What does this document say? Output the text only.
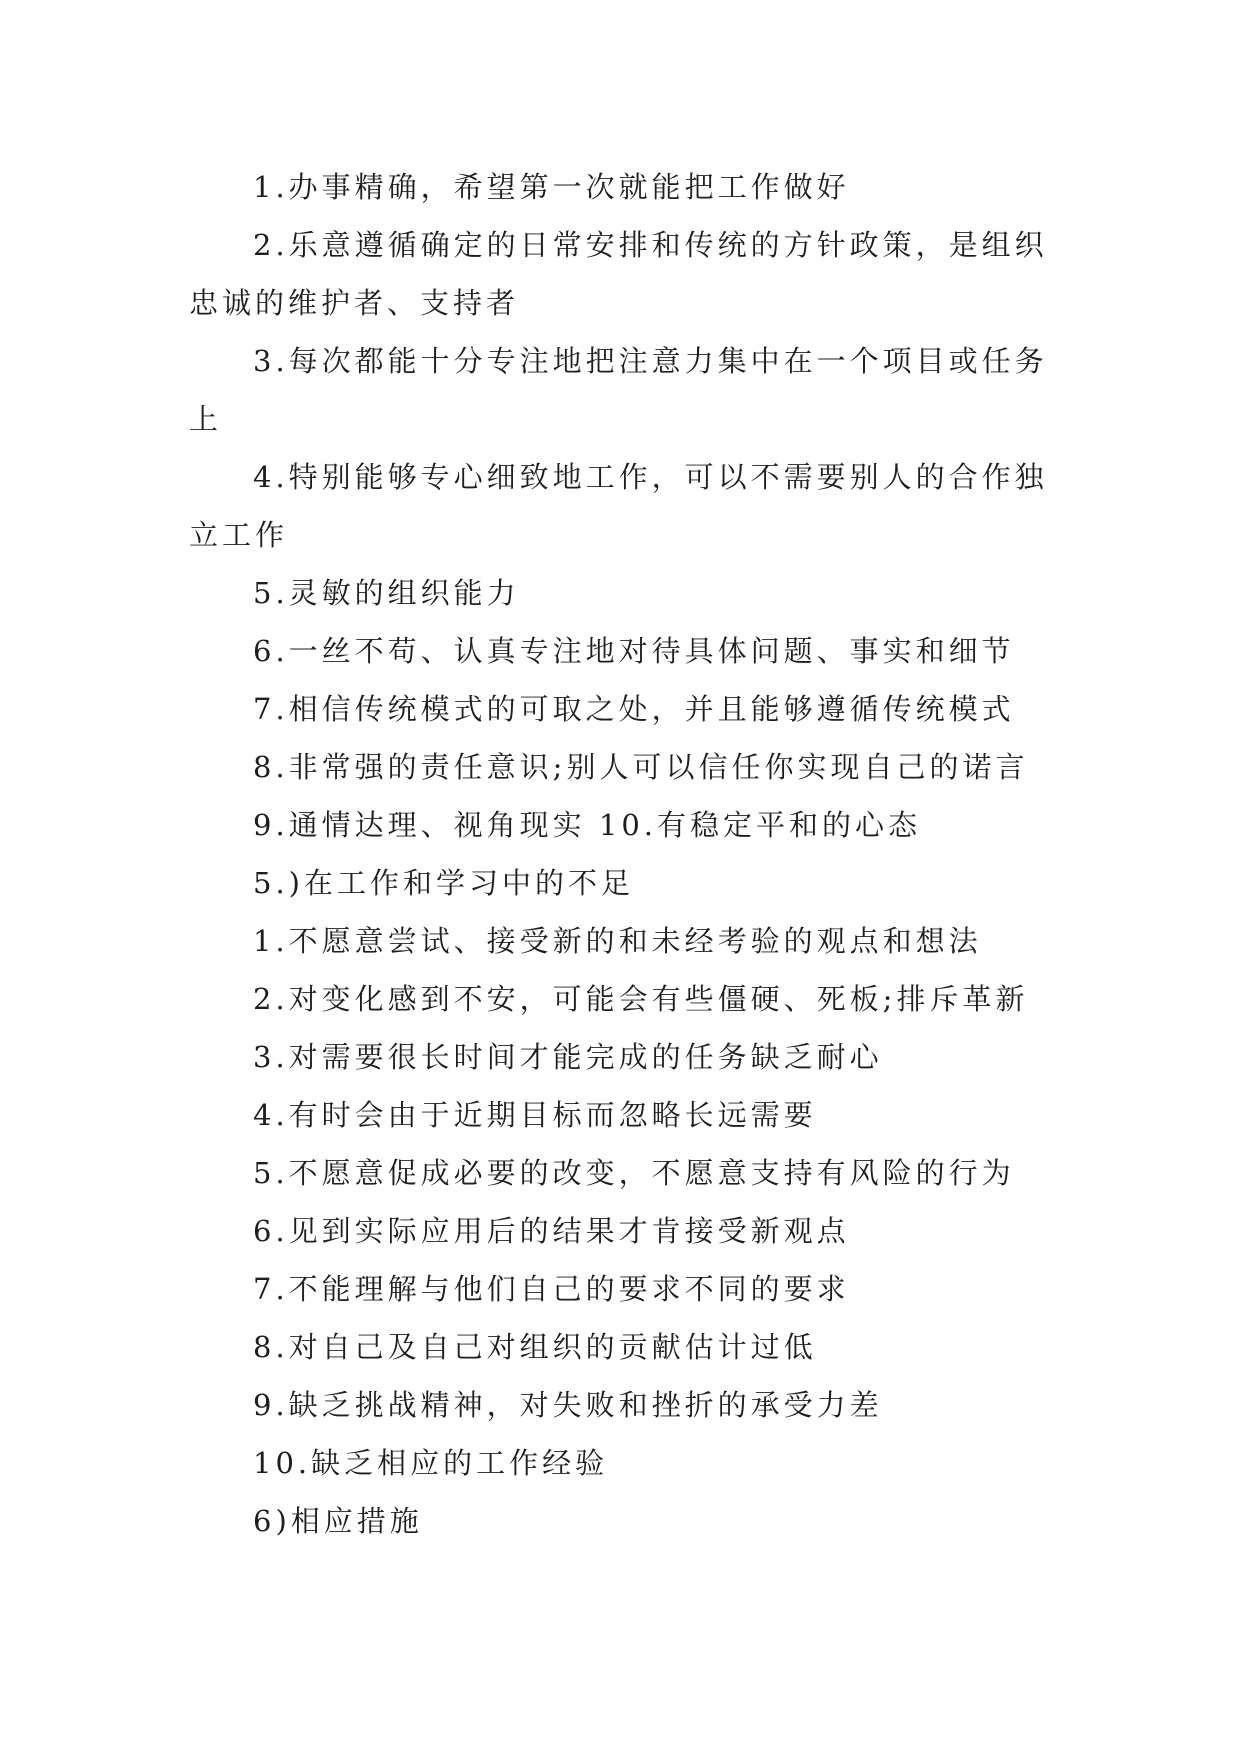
1.办事精确，希望第一次就能把工作做好

2.乐意遵循确定的日常安排和传统的方针政策，是组织忠诚的维护者、支持者

3.每次都能十分专注地把注意力集中在一个项目或任务上

4.特别能够专心细致地工作，可以不需要别人的合作独立工作

5.灵敏的组织能力

6.一丝不苟、认真专注地对待具体问题、事实和细节

7.相信传统模式的可取之处，并且能够遵循传统模式

8.非常强的责任意识;别人可以信任你实现自己的诺言

9.通情达理、视角现实 10.有稳定平和的心态

5.)在工作和学习中的不足

1.不愿意尝试、接受新的和未经考验的观点和想法

2.对变化感到不安，可能会有些僵硬、死板;排斥革新

3.对需要很长时间才能完成的任务缺乏耐心

4.有时会由于近期目标而忽略长远需要

5.不愿意促成必要的改变，不愿意支持有风险的行为

6.见到实际应用后的结果才肯接受新观点

7.不能理解与他们自己的要求不同的要求

8.对自己及自己对组织的贡献估计过低

9.缺乏挑战精神，对失败和挫折的承受力差

10.缺乏相应的工作经验

6)相应措施
